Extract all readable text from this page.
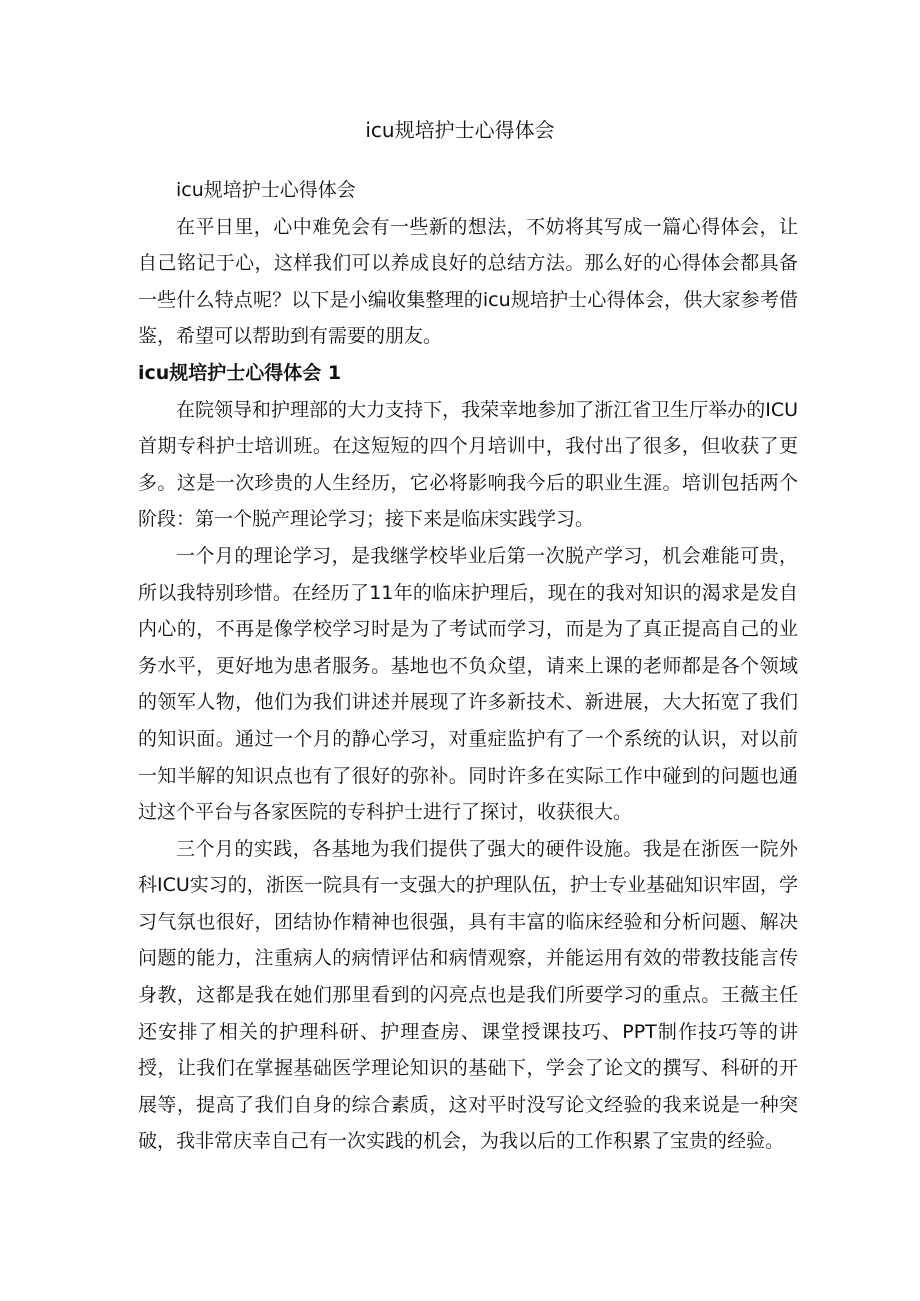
icu规培护士心得体会

icu规培护士心得体会

在平日里，心中难免会有一些新的想法，不妨将其写成一篇心得体会，让自己铭记于心，这样我们可以养成良好的总结方法。那么好的心得体会都具备一些什么特点呢？以下是小编收集整理的icu规培护士心得体会，供大家参考借鉴，希望可以帮助到有需要的朋友。

icu规培护士心得体会 1

在院领导和护理部的大力支持下，我荣幸地参加了浙江省卫生厅举办的ICU首期专科护士培训班。在这短短的四个月培训中，我付出了很多，但收获了更多。这是一次珍贵的人生经历，它必将影响我今后的职业生涯。培训包括两个阶段：第一个脱产理论学习；接下来是临床实践学习。

一个月的理论学习，是我继学校毕业后第一次脱产学习，机会难能可贵，所以我特别珍惜。在经历了11年的临床护理后，现在的我对知识的渴求是发自内心的，不再是像学校学习时是为了考试而学习，而是为了真正提高自己的业务水平，更好地为患者服务。基地也不负众望，请来上课的老师都是各个领域的领军人物，他们为我们讲述并展现了许多新技术、新进展，大大拓宽了我们的知识面。通过一个月的静心学习，对重症监护有了一个系统的认识，对以前一知半解的知识点也有了很好的弥补。同时许多在实际工作中碰到的问题也通过这个平台与各家医院的专科护士进行了探讨，收获很大。

三个月的实践，各基地为我们提供了强大的硬件设施。我是在浙医一院外科ICU实习的，浙医一院具有一支强大的护理队伍，护士专业基础知识牢固，学习气氛也很好，团结协作精神也很强，具有丰富的临床经验和分析问题、解决问题的能力，注重病人的病情评估和病情观察，并能运用有效的带教技能言传身教，这都是我在她们那里看到的闪亮点也是我们所要学习的重点。王薇主任还安排了相关的护理科研、护理查房、课堂授课技巧、PPT制作技巧等的讲授，让我们在掌握基础医学理论知识的基础下，学会了论文的撰写、科研的开展等，提高了我们自身的综合素质，这对平时没写论文经验的我来说是一种突破，我非常庆幸自己有一次实践的机会，为我以后的工作积累了宝贵的经验。
